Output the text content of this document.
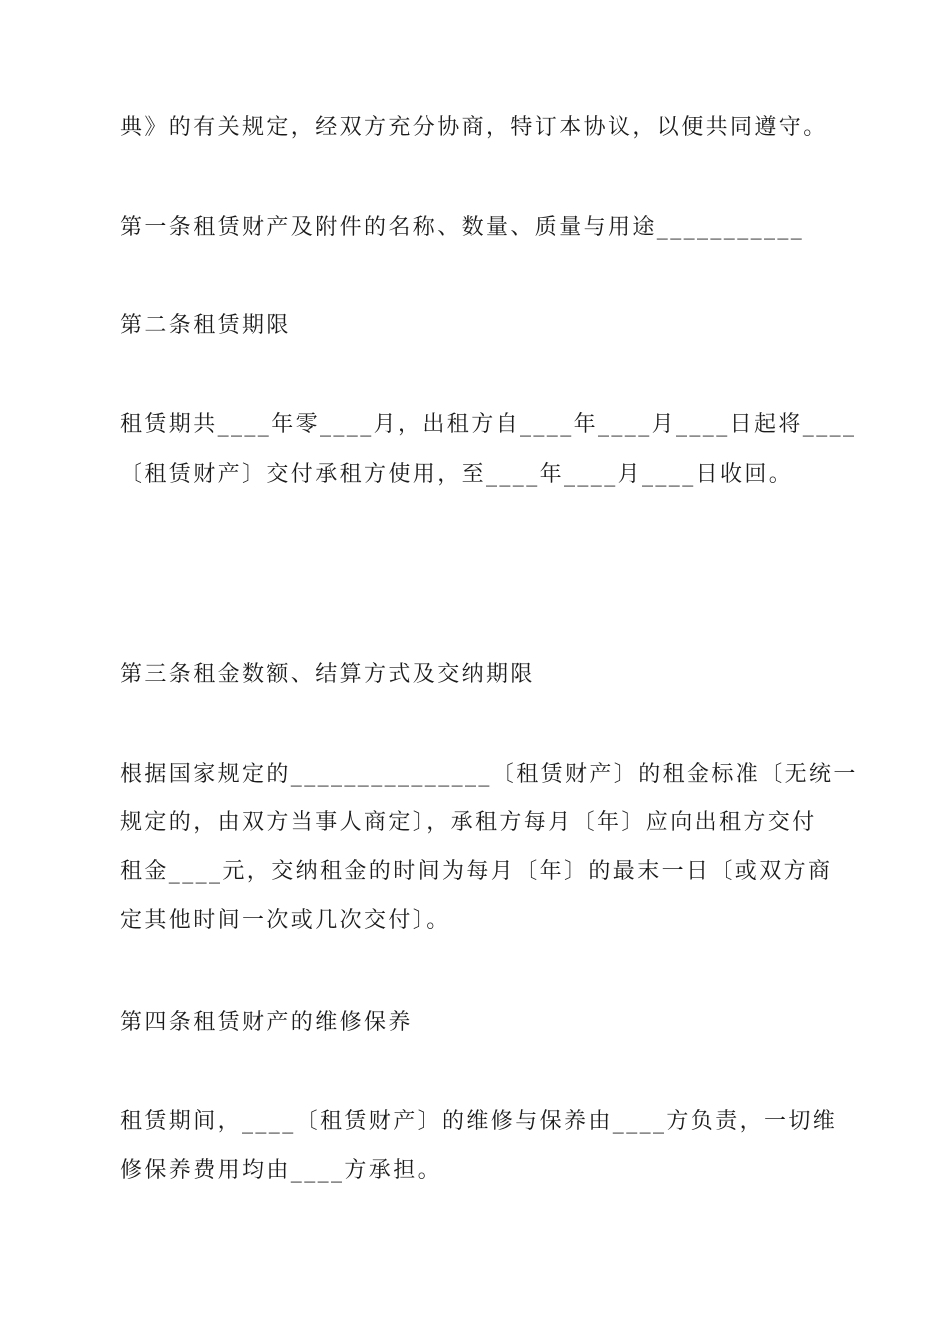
典》的有关规定，经双方充分协商，特订本协议，以便共同遵守。
第一条租赁财产及附件的名称、数量、质量与用途___________
第二条租赁期限
租赁期共____年零____月，出租方自____年____月____日起将____
〔租赁财产〕交付承租方使用，至____年____月____日收回。
第三条租金数额、结算方式及交纳期限
根据国家规定的_______________〔租赁财产〕的租金标准〔无统一
规定的，由双方当事人商定〕，承租方每月〔年〕应向出租方交付
租金____元，交纳租金的时间为每月〔年〕的最末一日〔或双方商
定其他时间一次或几次交付〕。
第四条租赁财产的维修保养
租赁期间，____〔租赁财产〕的维修与保养由____方负责，一切维
修保养费用均由____方承担。
